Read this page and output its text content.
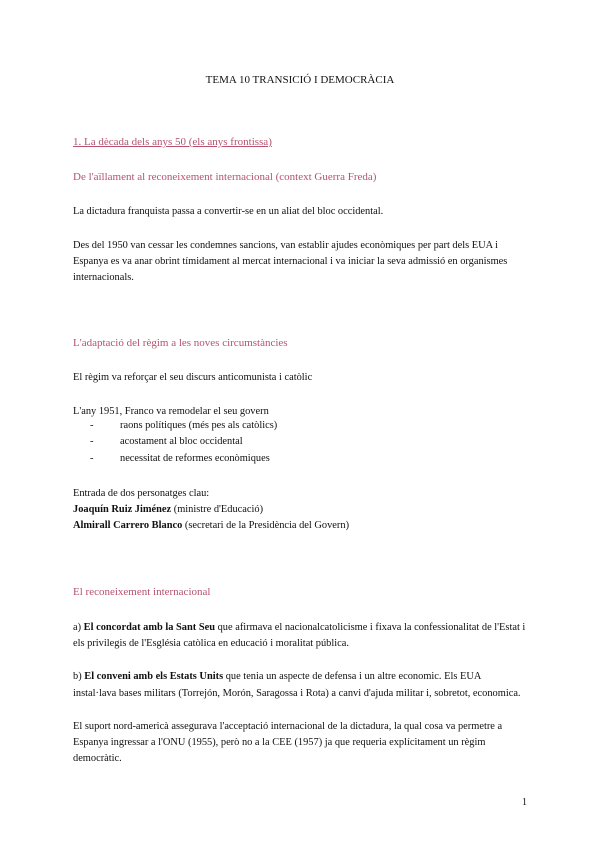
TEMA 10 TRANSICIÓ I DEMOCRÀCIA
1. La dècada dels anys 50 (els anys frontissa)
De l'aïllament al reconeixement internacional (context Guerra Freda)
La dictadura franquista passa a convertir-se en un aliat del bloc occidental.
Des del 1950 van cessar les condemnes sancions, van establir ajudes econòmiques per part dels EUA i
Espanya es va anar obrint tímidament al mercat internacional i va iniciar la seva admissió en organismes
internacionals.
L'adaptació del règim a les noves circumstàncies
El règim va reforçar el seu discurs anticomunista i catòlic
L'any 1951, Franco va remodelar el seu govern
-	raons polítiques (més pes als catòlics)
-	acostament al bloc occidental
-	necessitat de reformes econòmiques
Entrada de dos personatges clau:
Joaquín Ruiz Jiménez (ministre d'Educació)
Almirall Carrero Blanco (secretari de la Presidència del Govern)
El reconeixement internacional
a) El concordat amb la Sant Seu que afirmava el nacionalcatolicisme i fixava la confessionalitat de l'Estat i
els privilegis de l'Església catòlica en educació i moralitat pública.
b) El conveni amb els Estats Units que tenia un aspecte de defensa i un altre economic. Els EUA
instal·lava bases militars (Torrejón, Morón, Saragossa i Rota) a canvi d'ajuda militar i, sobretot, economica.
El suport nord-americà assegurava l'acceptació internacional de la dictadura, la qual cosa va permetre a
Espanya ingressar a l'ONU (1955), però no a la CEE (1957) ja que requeria explícitament un règim
democràtic.
1
